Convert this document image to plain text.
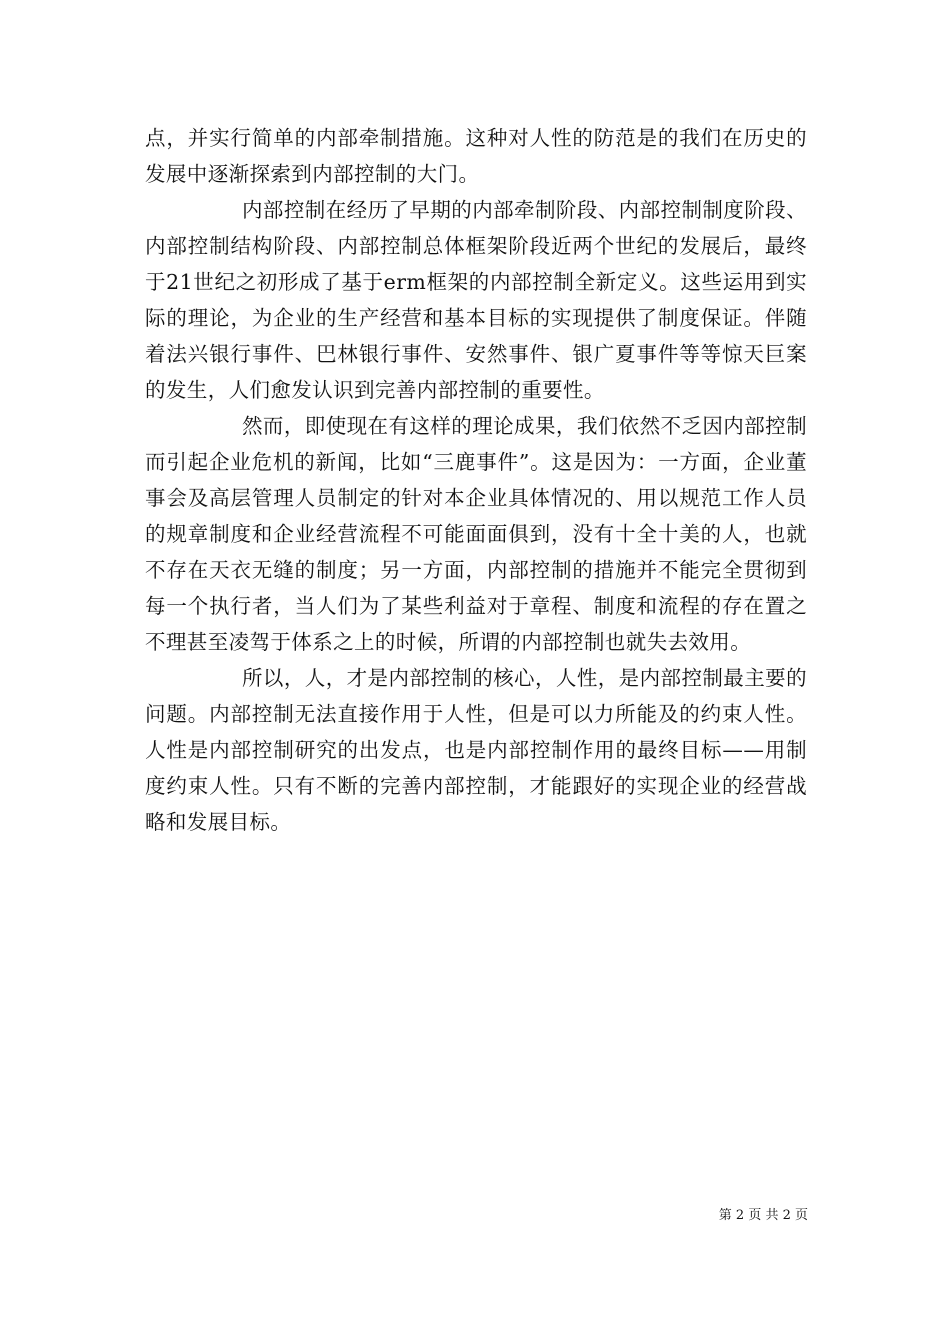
点，并实行简单的内部牵制措施。这种对人性的防范是的我们在历史的发展中逐渐探索到内部控制的大门。

内部控制在经历了早期的内部牵制阶段、内部控制制度阶段、内部控制结构阶段、内部控制总体框架阶段近两个世纪的发展后，最终于21世纪之初形成了基于erm框架的内部控制全新定义。这些运用到实际的理论，为企业的生产经营和基本目标的实现提供了制度保证。伴随着法兴银行事件、巴林银行事件、安然事件、银广夏事件等等惊天巨案的发生，人们愈发认识到完善内部控制的重要性。

然而，即使现在有这样的理论成果，我们依然不乏因内部控制而引起企业危机的新闻，比如“三鹿事件”。这是因为：一方面，企业董事会及高层管理人员制定的针对本企业具体情况的、用以规范工作人员的规章制度和企业经营流程不可能面面俱到，没有十全十美的人，也就不存在天衣无缝的制度；另一方面，内部控制的措施并不能完全贯彻到每一个执行者，当人们为了某些利益对于章程、制度和流程的存在置之不理甚至凌驾于体系之上的时候，所谓的内部控制也就失去效用。

所以，人，才是内部控制的核心，人性，是内部控制最主要的问题。内部控制无法直接作用于人性，但是可以力所能及的约束人性。人性是内部控制研究的出发点，也是内部控制作用的最终目标——用制度约束人性。只有不断的完善内部控制，才能跟好的实现企业的经营战略和发展目标。

第 2 页 共 2 页
